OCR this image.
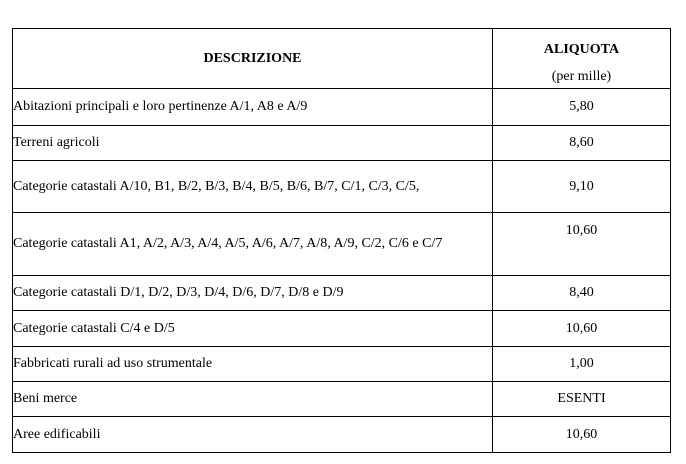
DESCRIZIONE	ALIQUOTA
(per mille)

Abitazioni principali e loro pertinenze A/1, A8 e A/9	5,80
Terreni agricoli	8,60
Categorie catastali A/10, B1, B/2, B/3, B/4, B/5, B/6, B/7, C/1, C/3, C/5,	9,10
Categorie catastali A1, A/2, A/3, A/4, A/5, A/6, A/7, A/8, A/9, C/2, C/6 e C/7	10,60
Categorie catastali D/1, D/2, D/3, D/4, D/6, D/7, D/8 e D/9	8,40
Categorie catastali C/4 e D/5	10,60
Fabbricati rurali ad uso strumentale	1,00
Beni merce	ESENTI
Aree edificabili	10,60
